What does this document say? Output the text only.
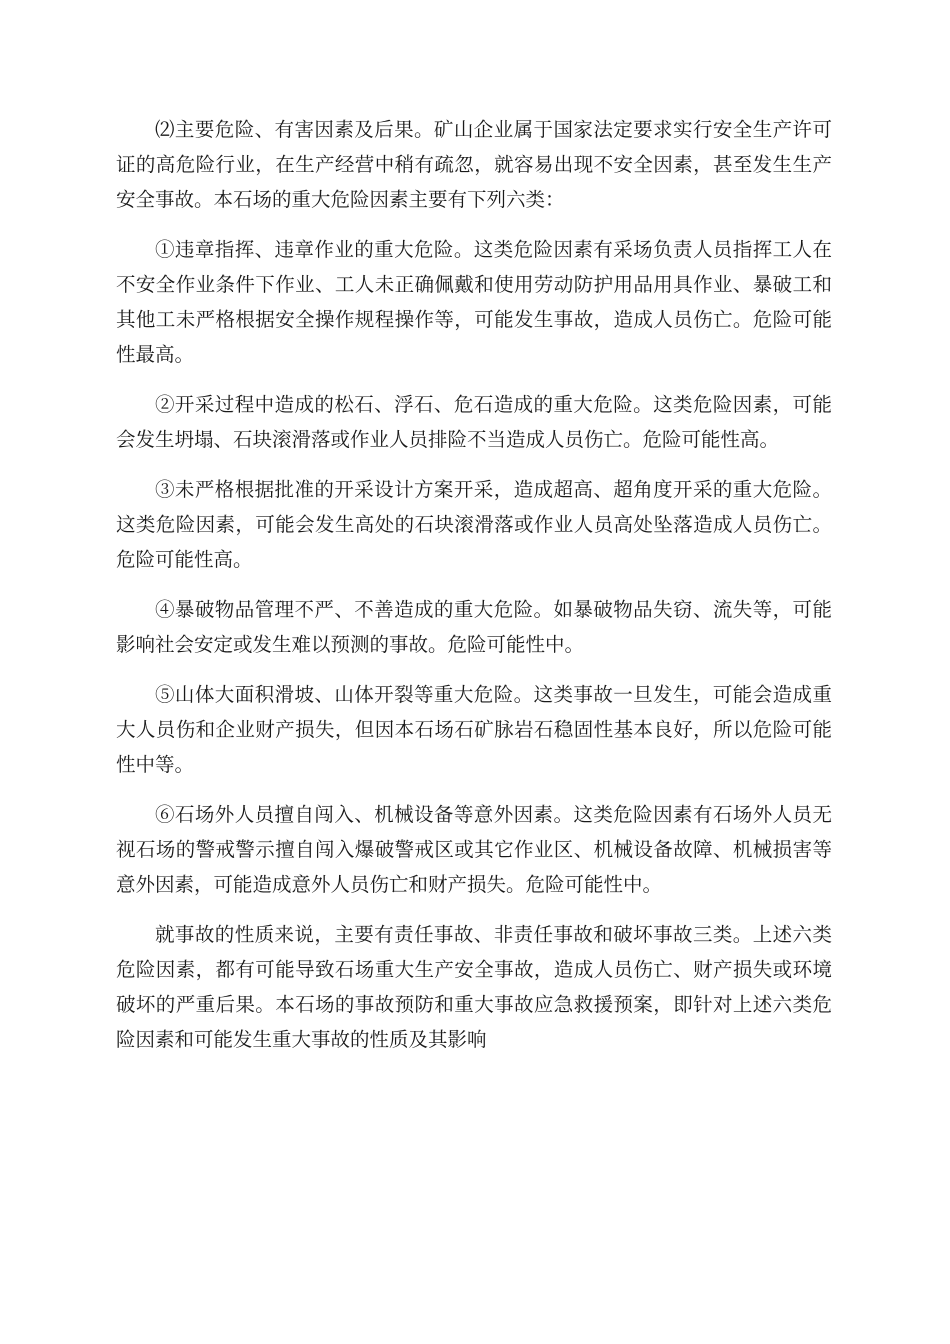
⑵主要危险、有害因素及后果。矿山企业属于国家法定要求实行安全生产许可证的高危险行业，在生产经营中稍有疏忽，就容易出现不安全因素，甚至发生生产安全事故。本石场的重大危险因素主要有下列六类：

①违章指挥、违章作业的重大危险。这类危险因素有采场负责人员指挥工人在不安全作业条件下作业、工人未正确佩戴和使用劳动防护用品用具作业、暴破工和其他工未严格根据安全操作规程操作等，可能发生事故，造成人员伤亡。危险可能性最高。

②开采过程中造成的松石、浮石、危石造成的重大危险。这类危险因素，可能会发生坍塌、石块滚滑落或作业人员排险不当造成人员伤亡。危险可能性高。

③未严格根据批准的开采设计方案开采，造成超高、超角度开采的重大危险。这类危险因素，可能会发生高处的石块滚滑落或作业人员高处坠落造成人员伤亡。危险可能性高。

④暴破物品管理不严、不善造成的重大危险。如暴破物品失窃、流失等，可能影响社会安定或发生难以预测的事故。危险可能性中。

⑤山体大面积滑坡、山体开裂等重大危险。这类事故一旦发生，可能会造成重大人员伤和企业财产损失，但因本石场石矿脉岩石稳固性基本良好，所以危险可能性中等。

⑥石场外人员擅自闯入、机械设备等意外因素。这类危险因素有石场外人员无视石场的警戒警示擅自闯入爆破警戒区或其它作业区、机械设备故障、机械损害等意外因素，可能造成意外人员伤亡和财产损失。危险可能性中。

就事故的性质来说，主要有责任事故、非责任事故和破坏事故三类。上述六类危险因素，都有可能导致石场重大生产安全事故，造成人员伤亡、财产损失或环境破坏的严重后果。本石场的事故预防和重大事故应急救援预案，即针对上述六类危险因素和可能发生重大事故的性质及其影响
